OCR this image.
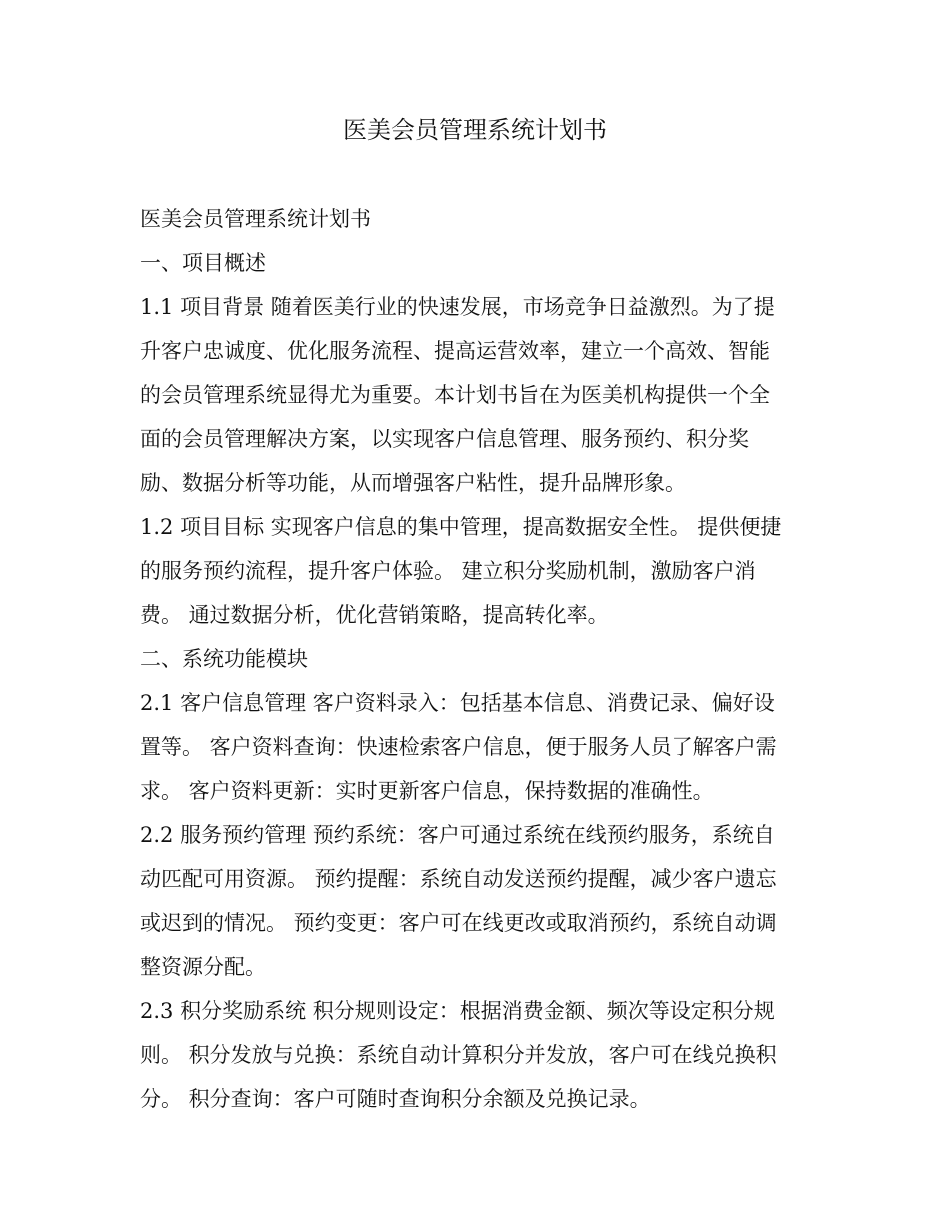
医美会员管理系统计划书

医美会员管理系统计划书

一、项目概述

1.1 项目背景 随着医美行业的快速发展，市场竞争日益激烈。为了提

升客户忠诚度、优化服务流程、提高运营效率，建立一个高效、智能

的会员管理系统显得尤为重要。本计划书旨在为医美机构提供一个全

面的会员管理解决方案，以实现客户信息管理、服务预约、积分奖

励、数据分析等功能，从而增强客户粘性，提升品牌形象。

1.2 项目目标 实现客户信息的集中管理，提高数据安全性。 提供便捷

的服务预约流程，提升客户体验。 建立积分奖励机制，激励客户消

费。 通过数据分析，优化营销策略，提高转化率。

二、系统功能模块

2.1 客户信息管理 客户资料录入：包括基本信息、消费记录、偏好设

置等。 客户资料查询：快速检索客户信息，便于服务人员了解客户需

求。 客户资料更新：实时更新客户信息，保持数据的准确性。

2.2 服务预约管理 预约系统：客户可通过系统在线预约服务，系统自

动匹配可用资源。 预约提醒：系统自动发送预约提醒，减少客户遗忘

或迟到的情况。 预约变更：客户可在线更改或取消预约，系统自动调

整资源分配。

2.3 积分奖励系统 积分规则设定：根据消费金额、频次等设定积分规

则。 积分发放与兑换：系统自动计算积分并发放，客户可在线兑换积

分。 积分查询：客户可随时查询积分余额及兑换记录。
